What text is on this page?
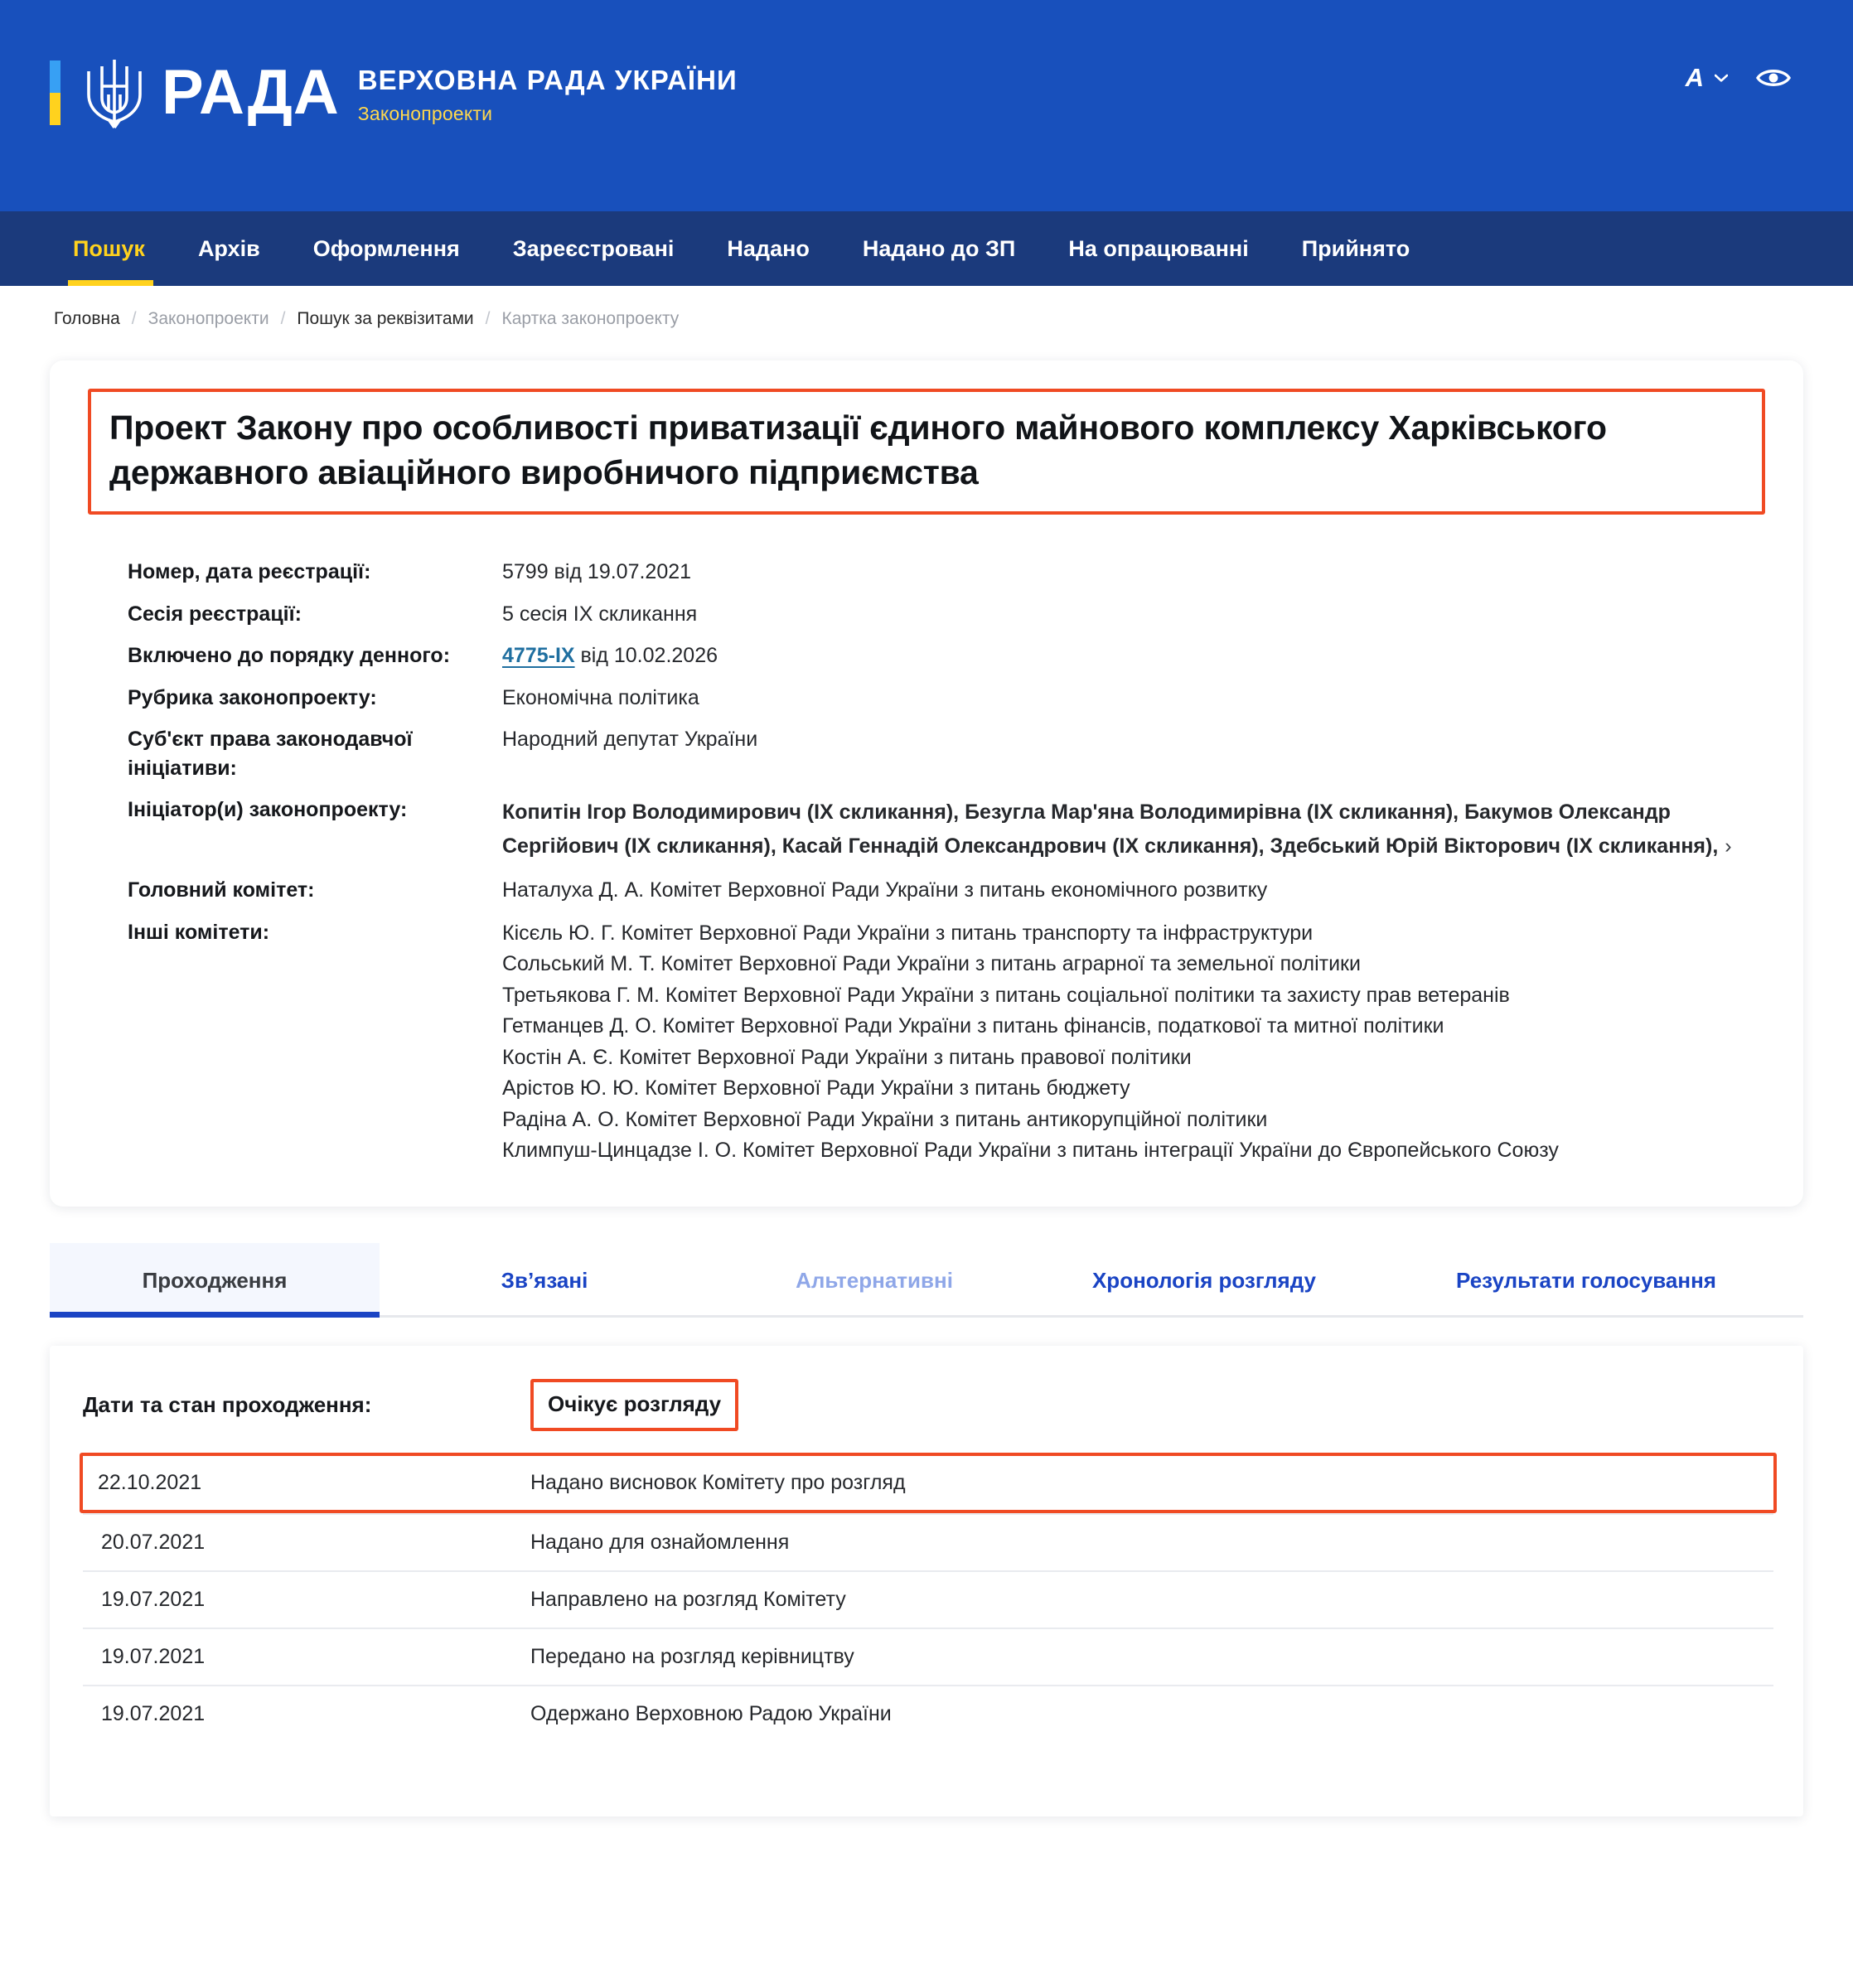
РАДА ВЕРХОВНА РАДА УКРАЇНИ
Законопроекти
A
Пошук Архів Оформлення Зареєстровані Надано Надано до ЗП На опрацюванні Прийнято
Головна / Законопроекти / Пошук за реквізитами / Картка законопроекту
Проект Закону про особливості приватизації єдиного майнового комплексу Харківського державного авіаційного виробничого підприємства
Номер, дата реєстрації:	5799 від 19.07.2021
Сесія реєстрації:	5 сесія IX скликання
Включено до порядку денного:	4775-IX від 10.02.2026
Рубрика законопроекту:	Економічна політика
Суб'єкт права законодавчої ініціативи:
Народний депутат України
Ініціатор(и) законопроекту:	Копитін Ігор Володимирович (IX скликання), Безугла Мар'яна Володимирівна (IX скликання), Бакумов Олександр Сергійович (IX скликання), Касай Геннадій Олександрович (IX скликання), Здебський Юрій Вікторович (IX скликання), ›
Головний комітет:	Наталуха Д. А. Комітет Верховної Ради України з питань економічного розвитку
Інші комітети:	Кісєль Ю. Г. Комітет Верховної Ради України з питань транспорту та інфраструктури
Сольський М. Т. Комітет Верховної Ради України з питань аграрної та земельної політики
Третьякова Г. М. Комітет Верховної Ради України з питань соціальної політики та захисту прав ветеранів
Гетманцев Д. О. Комітет Верховної Ради України з питань фінансів, податкової та митної політики
Костін А. Є. Комітет Верховної Ради України з питань правової політики
Арістов Ю. Ю. Комітет Верховної Ради України з питань бюджету
Радіна А. О. Комітет Верховної Ради України з питань антикорупційної політики
Климпуш-Цинцадзе І. О. Комітет Верховної Ради України з питань інтеграції України до Європейського Союзу
Проходження	Зв’язані	Альтернативні	Хронологія розгляду	Результати голосування
Дати та стан проходження:	Очікує розгляду
22.10.2021	Надано висновок Комітету про розгляд
20.07.2021	Надано для ознайомлення
19.07.2021	Направлено на розгляд Комітету
19.07.2021	Передано на розгляд керівництву
19.07.2021	Одержано Верховною Радою України
